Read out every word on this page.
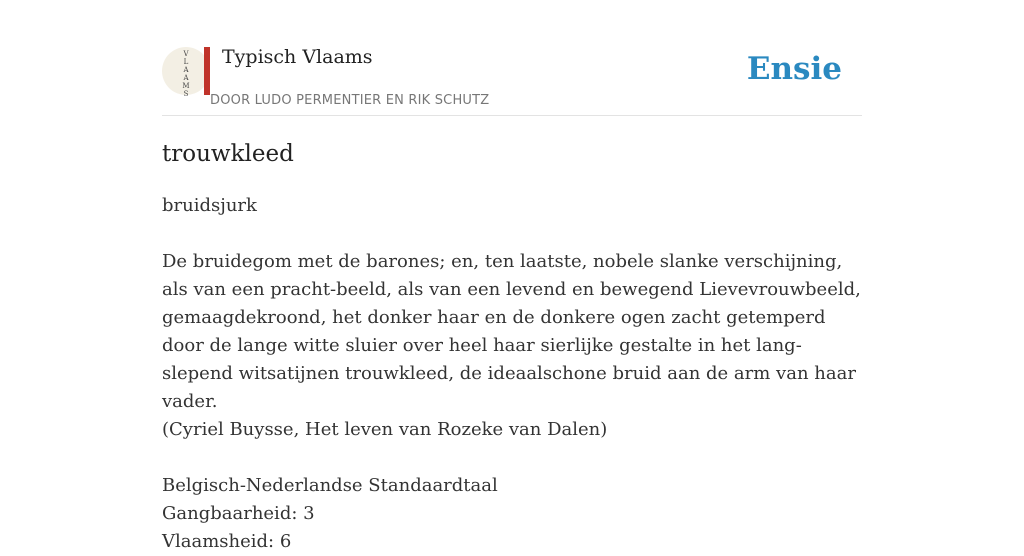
V
L
A
A
M
S
Typisch Vlaams
DOOR LUDO PERMENTIER EN RIK SCHUTZ
Ensie
trouwkleed

bruidsjurk

De bruidegom met de barones; en, ten laatste, nobele slanke verschijning, als van een pracht-beeld, als van een levend en bewegend Lievevrouwbeeld, gemaagdekroond, het donker haar en de donkere ogen zacht getemperd door de lange witte sluier over heel haar sierlijke gestalte in het lang-slepend witsatijnen trouwkleed, de ideaalschone bruid aan de arm van haar vader.

(Cyriel Buysse, Het leven van Rozeke van Dalen)

Belgisch-Nederlandse Standaardtaal

Gangbaarheid: 3

Vlaamsheid: 6
